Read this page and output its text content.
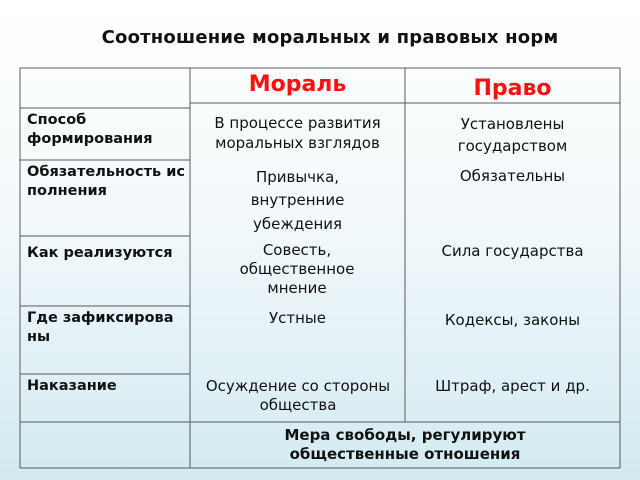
Соотношение моральных и правовых норм
Мораль	Право
Способ формирования
Обязательность исполнения
Как реализуются
Где зафиксированы
Наказание
В процессе развития моральных взглядов
Привычка, внутренние убеждения
Совесть, общественное мнение
Устные
Осуждение со стороны общества
Установлены государством
Обязательны
Сила государства
Кодексы, законы
Штраф, арест и др.
Мера свободы, регулируют общественные отношения
